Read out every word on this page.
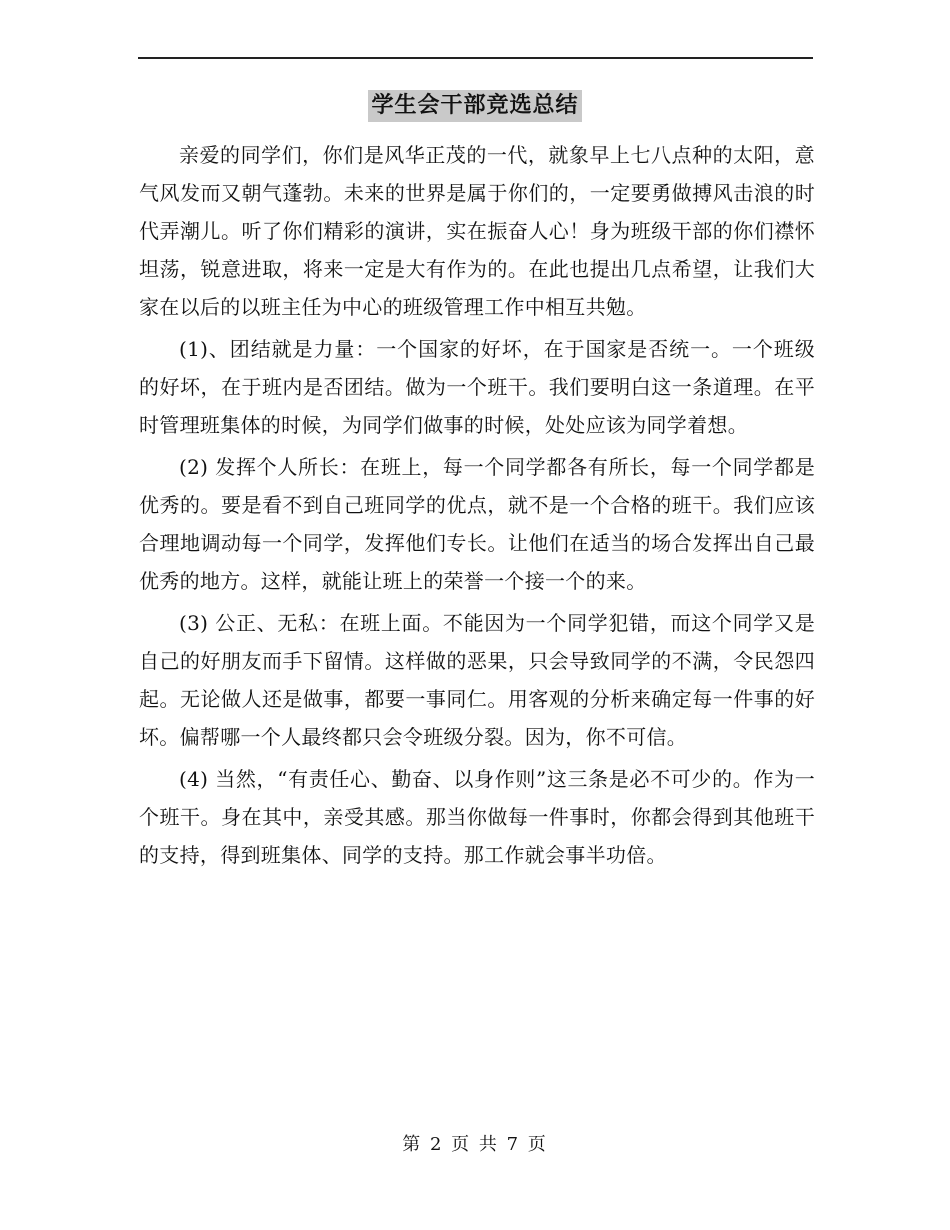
学生会干部竞选总结

亲爱的同学们，你们是风华正茂的一代，就象早上七八点种的太阳，意气风发而又朝气蓬勃。未来的世界是属于你们的，一定要勇做搏风击浪的时代弄潮儿。听了你们精彩的演讲，实在振奋人心！身为班级干部的你们襟怀坦荡，锐意进取，将来一定是大有作为的。在此也提出几点希望，让我们大家在以后的以班主任为中心的班级管理工作中相互共勉。

(1)、团结就是力量：一个国家的好坏，在于国家是否统一。一个班级的好坏，在于班内是否团结。做为一个班干。我们要明白这一条道理。在平时管理班集体的时候，为同学们做事的时候，处处应该为同学着想。

(2) 发挥个人所长：在班上，每一个同学都各有所长，每一个同学都是优秀的。要是看不到自己班同学的优点，就不是一个合格的班干。我们应该合理地调动每一个同学，发挥他们专长。让他们在适当的场合发挥出自己最优秀的地方。这样，就能让班上的荣誉一个接一个的来。

(3) 公正、无私：在班上面。不能因为一个同学犯错，而这个同学又是自己的好朋友而手下留情。这样做的恶果，只会导致同学的不满，令民怨四起。无论做人还是做事，都要一事同仁。用客观的分析来确定每一件事的好坏。偏帮哪一个人最终都只会令班级分裂。因为，你不可信。

(4) 当然，“有责任心、勤奋、以身作则”这三条是必不可少的。作为一个班干。身在其中，亲受其感。那当你做每一件事时，你都会得到其他班干的支持，得到班集体、同学的支持。那工作就会事半功倍。

第 2 页 共 7 页
